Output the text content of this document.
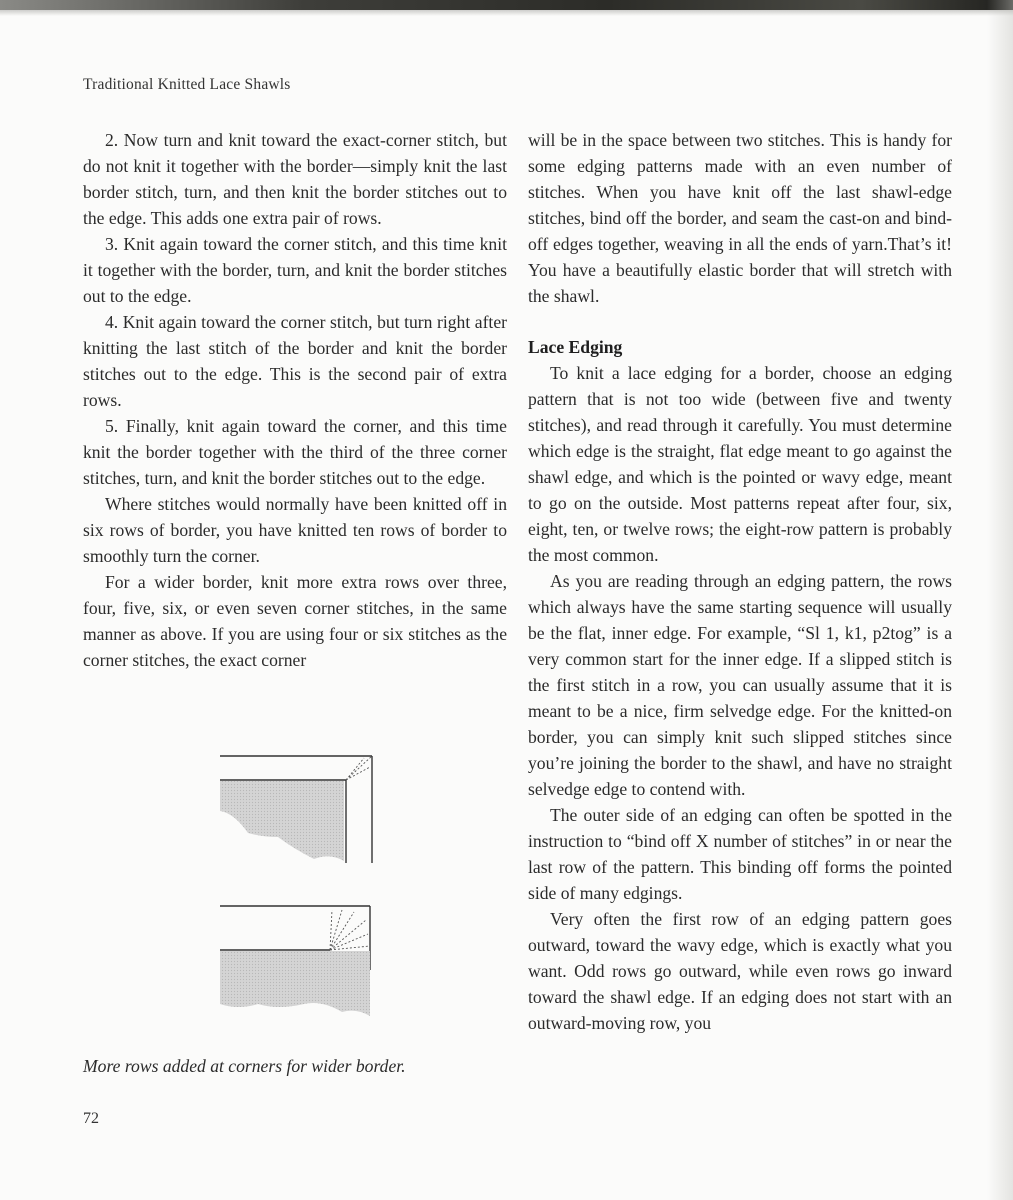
Traditional Knitted Lace Shawls

2. Now turn and knit toward the exact-corner stitch, but do not knit it together with the border—simply knit the last border stitch, turn, and then knit the border stitches out to the edge. This adds one extra pair of rows.

3. Knit again toward the corner stitch, and this time knit it together with the border, turn, and knit the border stitches out to the edge.

4. Knit again toward the corner stitch, but turn right after knitting the last stitch of the border and knit the border stitches out to the edge. This is the second pair of extra rows.

5. Finally, knit again toward the corner, and this time knit the border together with the third of the three corner stitches, turn, and knit the border stitches out to the edge.

Where stitches would normally have been knitted off in six rows of border, you have knitted ten rows of border to smoothly turn the corner.

For a wider border, knit more extra rows over three, four, five, six, or even seven corner stitches, in the same manner as above. If you are using four or six stitches as the corner stitches, the exact corner

More rows added at corners for wider border.

will be in the space between two stitches. This is handy for some edging patterns made with an even number of stitches. When you have knit off the last shawl-edge stitches, bind off the border, and seam the cast-on and bind-off edges together, weaving in all the ends of yarn.That’s it! You have a beautifully elastic border that will stretch with the shawl.

Lace Edging

To knit a lace edging for a border, choose an edging pattern that is not too wide (between five and twenty stitches), and read through it carefully. You must determine which edge is the straight, flat edge meant to go against the shawl edge, and which is the pointed or wavy edge, meant to go on the outside. Most patterns repeat after four, six, eight, ten, or twelve rows; the eight-row pattern is probably the most common.

As you are reading through an edging pattern, the rows which always have the same starting sequence will usually be the flat, inner edge. For example, “Sl 1, k1, p2tog” is a very common start for the inner edge. If a slipped stitch is the first stitch in a row, you can usually assume that it is meant to be a nice, firm selvedge edge. For the knitted-on border, you can simply knit such slipped stitches since you’re joining the border to the shawl, and have no straight selvedge edge to contend with.

The outer side of an edging can often be spotted in the instruction to “bind off X number of stitches” in or near the last row of the pattern. This binding off forms the pointed side of many edgings.

Very often the first row of an edging pattern goes outward, toward the wavy edge, which is exactly what you want. Odd rows go outward, while even rows go inward toward the shawl edge. If an edging does not start with an outward-moving row, you

72
